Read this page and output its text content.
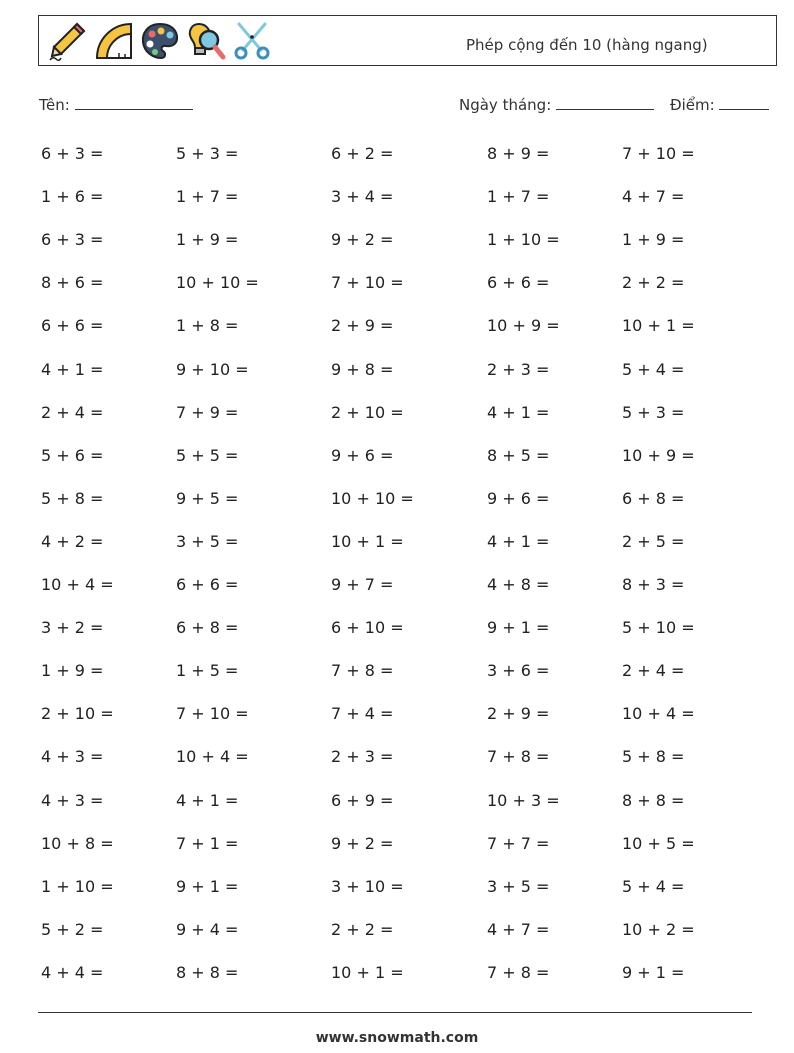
Phép cộng đến 10 (hàng ngang)
Tên:	Ngày tháng:	Điểm:
6 + 3 =	5 + 3 =	6 + 2 =	8 + 9 =	7 + 10 =
1 + 6 =	1 + 7 =	3 + 4 =	1 + 7 =	4 + 7 =
6 + 3 =	1 + 9 =	9 + 2 =	1 + 10 =	1 + 9 =
8 + 6 =	10 + 10 =	7 + 10 =	6 + 6 =	2 + 2 =
6 + 6 =	1 + 8 =	2 + 9 =	10 + 9 =	10 + 1 =
4 + 1 =	9 + 10 =	9 + 8 =	2 + 3 =	5 + 4 =
2 + 4 =	7 + 9 =	2 + 10 =	4 + 1 =	5 + 3 =
5 + 6 =	5 + 5 =	9 + 6 =	8 + 5 =	10 + 9 =
5 + 8 =	9 + 5 =	10 + 10 =	9 + 6 =	6 + 8 =
4 + 2 =	3 + 5 =	10 + 1 =	4 + 1 =	2 + 5 =
10 + 4 =	6 + 6 =	9 + 7 =	4 + 8 =	8 + 3 =
3 + 2 =	6 + 8 =	6 + 10 =	9 + 1 =	5 + 10 =
1 + 9 =	1 + 5 =	7 + 8 =	3 + 6 =	2 + 4 =
2 + 10 =	7 + 10 =	7 + 4 =	2 + 9 =	10 + 4 =
4 + 3 =	10 + 4 =	2 + 3 =	7 + 8 =	5 + 8 =
4 + 3 =	4 + 1 =	6 + 9 =	10 + 3 =	8 + 8 =
10 + 8 =	7 + 1 =	9 + 2 =	7 + 7 =	10 + 5 =
1 + 10 =	9 + 1 =	3 + 10 =	3 + 5 =	5 + 4 =
5 + 2 =	9 + 4 =	2 + 2 =	4 + 7 =	10 + 2 =
4 + 4 =	8 + 8 =	10 + 1 =	7 + 8 =	9 + 1 =
www.snowmath.com
